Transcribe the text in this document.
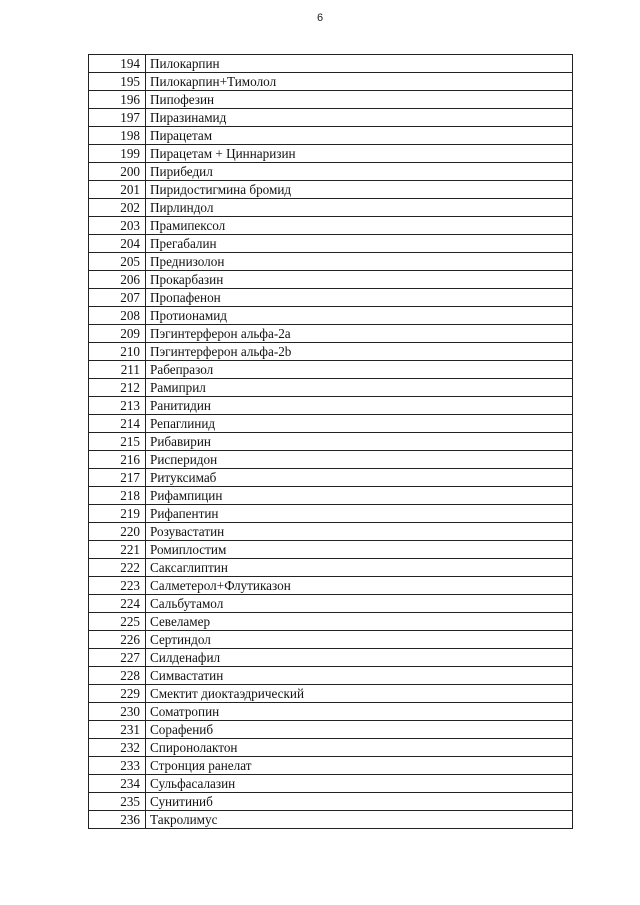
6
194	Пилокарпин
195	Пилокарпин+Тимолол
196	Пипофезин
197	Пиразинамид
198	Пирацетам
199	Пирацетам + Циннаризин
200	Пирибедил
201	Пиридостигмина бромид
202	Пирлиндол
203	Прамипексол
204	Прегабалин
205	Преднизолон
206	Прокарбазин
207	Пропафенон
208	Протионамид
209	Пэгинтерферон альфа-2a
210	Пэгинтерферон альфа-2b
211	Рабепразол
212	Рамиприл
213	Ранитидин
214	Репаглинид
215	Рибавирин
216	Рисперидон
217	Ритуксимаб
218	Рифампицин
219	Рифапентин
220	Розувастатин
221	Ромиплостим
222	Саксаглиптин
223	Салметерол+Флутиказон
224	Сальбутамол
225	Севеламер
226	Сертиндол
227	Силденафил
228	Симвастатин
229	Смектит диоктаэдрический
230	Соматропин
231	Сорафениб
232	Спиронолактон
233	Стронция ранелат
234	Сульфасалазин
235	Сунитиниб
236	Такролимус
